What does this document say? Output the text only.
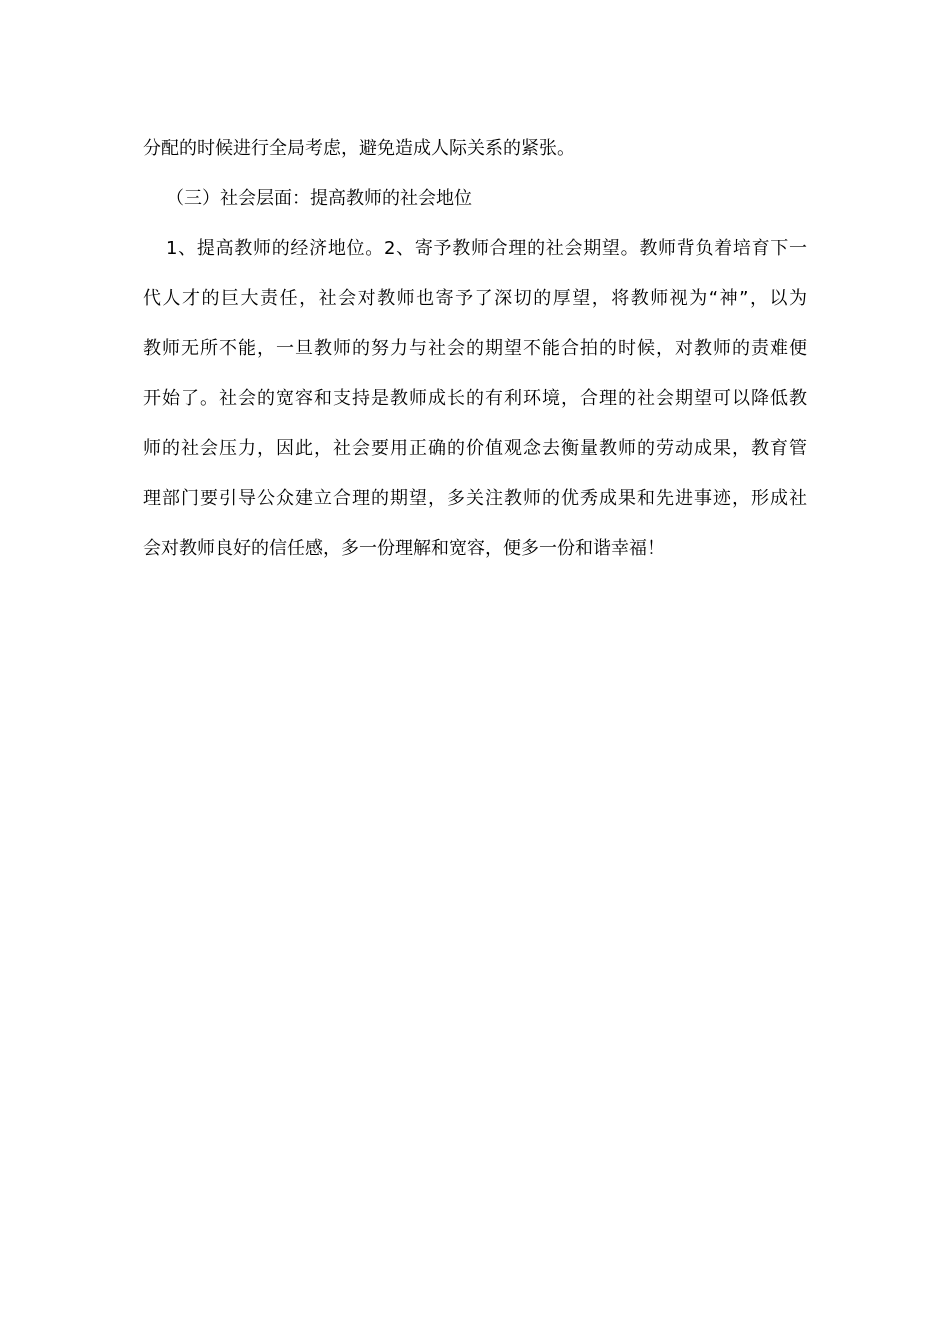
分配的时候进行全局考虑，避免造成人际关系的紧张。
（三）社会层面：提高教师的社会地位
1、提高教师的经济地位。2、寄予教师合理的社会期望。教师背负着培育下一
代人才的巨大责任，社会对教师也寄予了深切的厚望，将教师视为“神”，以为
教师无所不能，一旦教师的努力与社会的期望不能合拍的时候，对教师的责难便
开始了。社会的宽容和支持是教师成长的有利环境，合理的社会期望可以降低教
师的社会压力，因此，社会要用正确的价值观念去衡量教师的劳动成果，教育管
理部门要引导公众建立合理的期望，多关注教师的优秀成果和先进事迹，形成社
会对教师良好的信任感，多一份理解和宽容，便多一份和谐幸福！
